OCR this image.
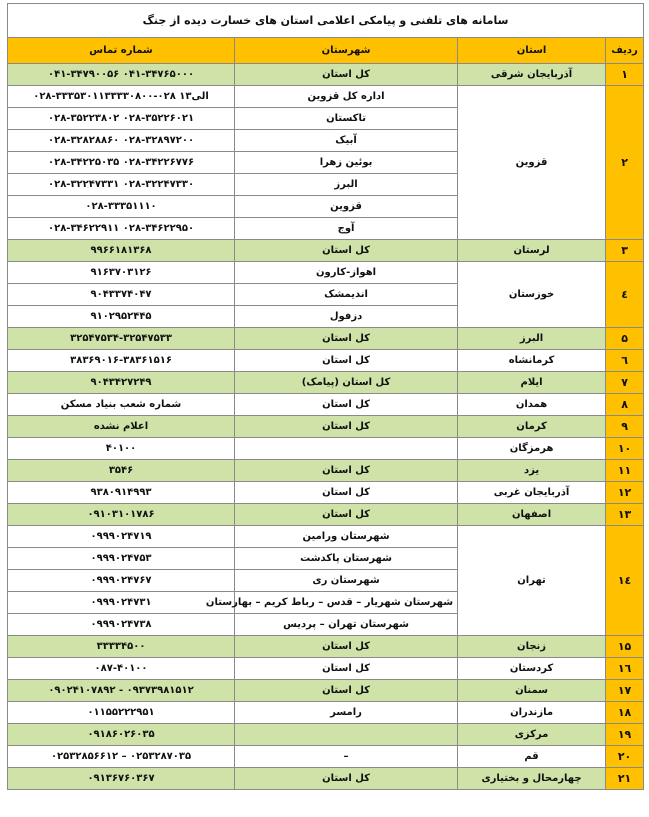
سامانه های تلفنی و پیامکی اعلامی استان های خسارت دیده از جنگ			
ردیف	استان	شهرستان	شماره تماس
۱	آذربایجان شرقی	کل استان	۰۴۱-۳۴۷۹۰۰۵۶ ۰۴۱-۳۴۷۶۵۰۰۰
۲	قزوین	اداره کل قزوین	۰۲۸-۳۳۳۵۳۰۱۱الی۱۳ ۰۲۸-۳۳۳۳۰۸۰۰
		تاکستان	۰۲۸-۳۵۲۲۳۸۰۲ ۰۲۸-۳۵۲۲۶۰۲۱
		آبیک	۰۲۸-۳۲۸۲۸۸۶۰ ۰۲۸-۳۲۸۹۷۲۰۰
		بوئین زهرا	۰۲۸-۳۴۲۲۵۰۳۵ ۰۲۸-۳۴۲۲۶۷۷۶
		البرز	۰۲۸-۳۲۲۴۷۳۳۱ ۰۲۸-۳۲۲۴۷۳۳۰
		قزوین	۰۲۸-۳۳۳۵۱۱۱۰
		آوج	۰۲۸-۳۴۶۲۲۹۱۱ ۰۲۸-۳۴۶۲۲۹۵۰
۳	لرستان	کل استان	۹۹۶۶۱۸۱۳۶۸
٤	خوزستان	اهواز-کارون	۹۱۶۳۷۰۳۱۲۶
		اندیمشک	۹۰۴۳۳۷۴۰۴۷
		دزفول	۹۱۰۲۹۵۲۴۴۵
۵	البرز	کل استان	۳۲۵۴۷۵۳۴-۳۲۵۴۷۵۳۳
٦	کرمانشاه	کل استان	۳۸۳۶۹۰۱۶-۳۸۳۶۱۵۱۶
۷	ایلام	کل استان (پیامک)	۹۰۴۳۴۲۷۲۴۹
۸	همدان	کل استان	شماره شعب بنیاد مسکن
۹	کرمان	کل استان	اعلام نشده
۱۰	هرمزگان		۴۰۱۰۰
۱۱	یزد	کل استان	۳۵۴۶
۱۲	آذربایجان غربی	کل استان	۹۳۸۰۹۱۴۹۹۳
۱۳	اصفهان	کل استان	۰۹۱۰۳۱۰۱۷۸۶
۱٤	تهران	شهرستان ورامین	۰۹۹۹۰۲۴۷۱۹
		شهرستان پاکدشت	۰۹۹۹۰۲۴۷۵۳
		شهرستان ری	۰۹۹۹۰۲۴۷۶۷
		شهرستان شهریار – قدس – رباط کریم – بهارستان	۰۹۹۹۰۲۴۷۳۱
		شهرستان تهران – پردیس	۰۹۹۹۰۲۴۷۳۸
۱۵	زنجان	کل استان	۳۳۳۳۴۵۰۰
۱٦	کردستان	کل استان	۰۸۷-۴۰۱۰۰
۱۷	سمنان	کل استان	۰۹۰۲۴۱۰۷۸۹۲ - ۰۹۳۷۳۹۸۱۵۱۲
۱۸	مازندران	رامسر	۰۱۱۵۵۲۲۲۹۵۱
۱۹	مرکزی		۰۹۱۸۶۰۲۶۰۳۵
۲۰	قم	–	۰۲۵۳۲۸۵۶۶۱۲ – ۰۲۵۳۲۸۷۰۳۵
۲۱	چهارمحال و بختیاری	کل استان	۰۹۱۳۶۷۶۰۳۶۷
